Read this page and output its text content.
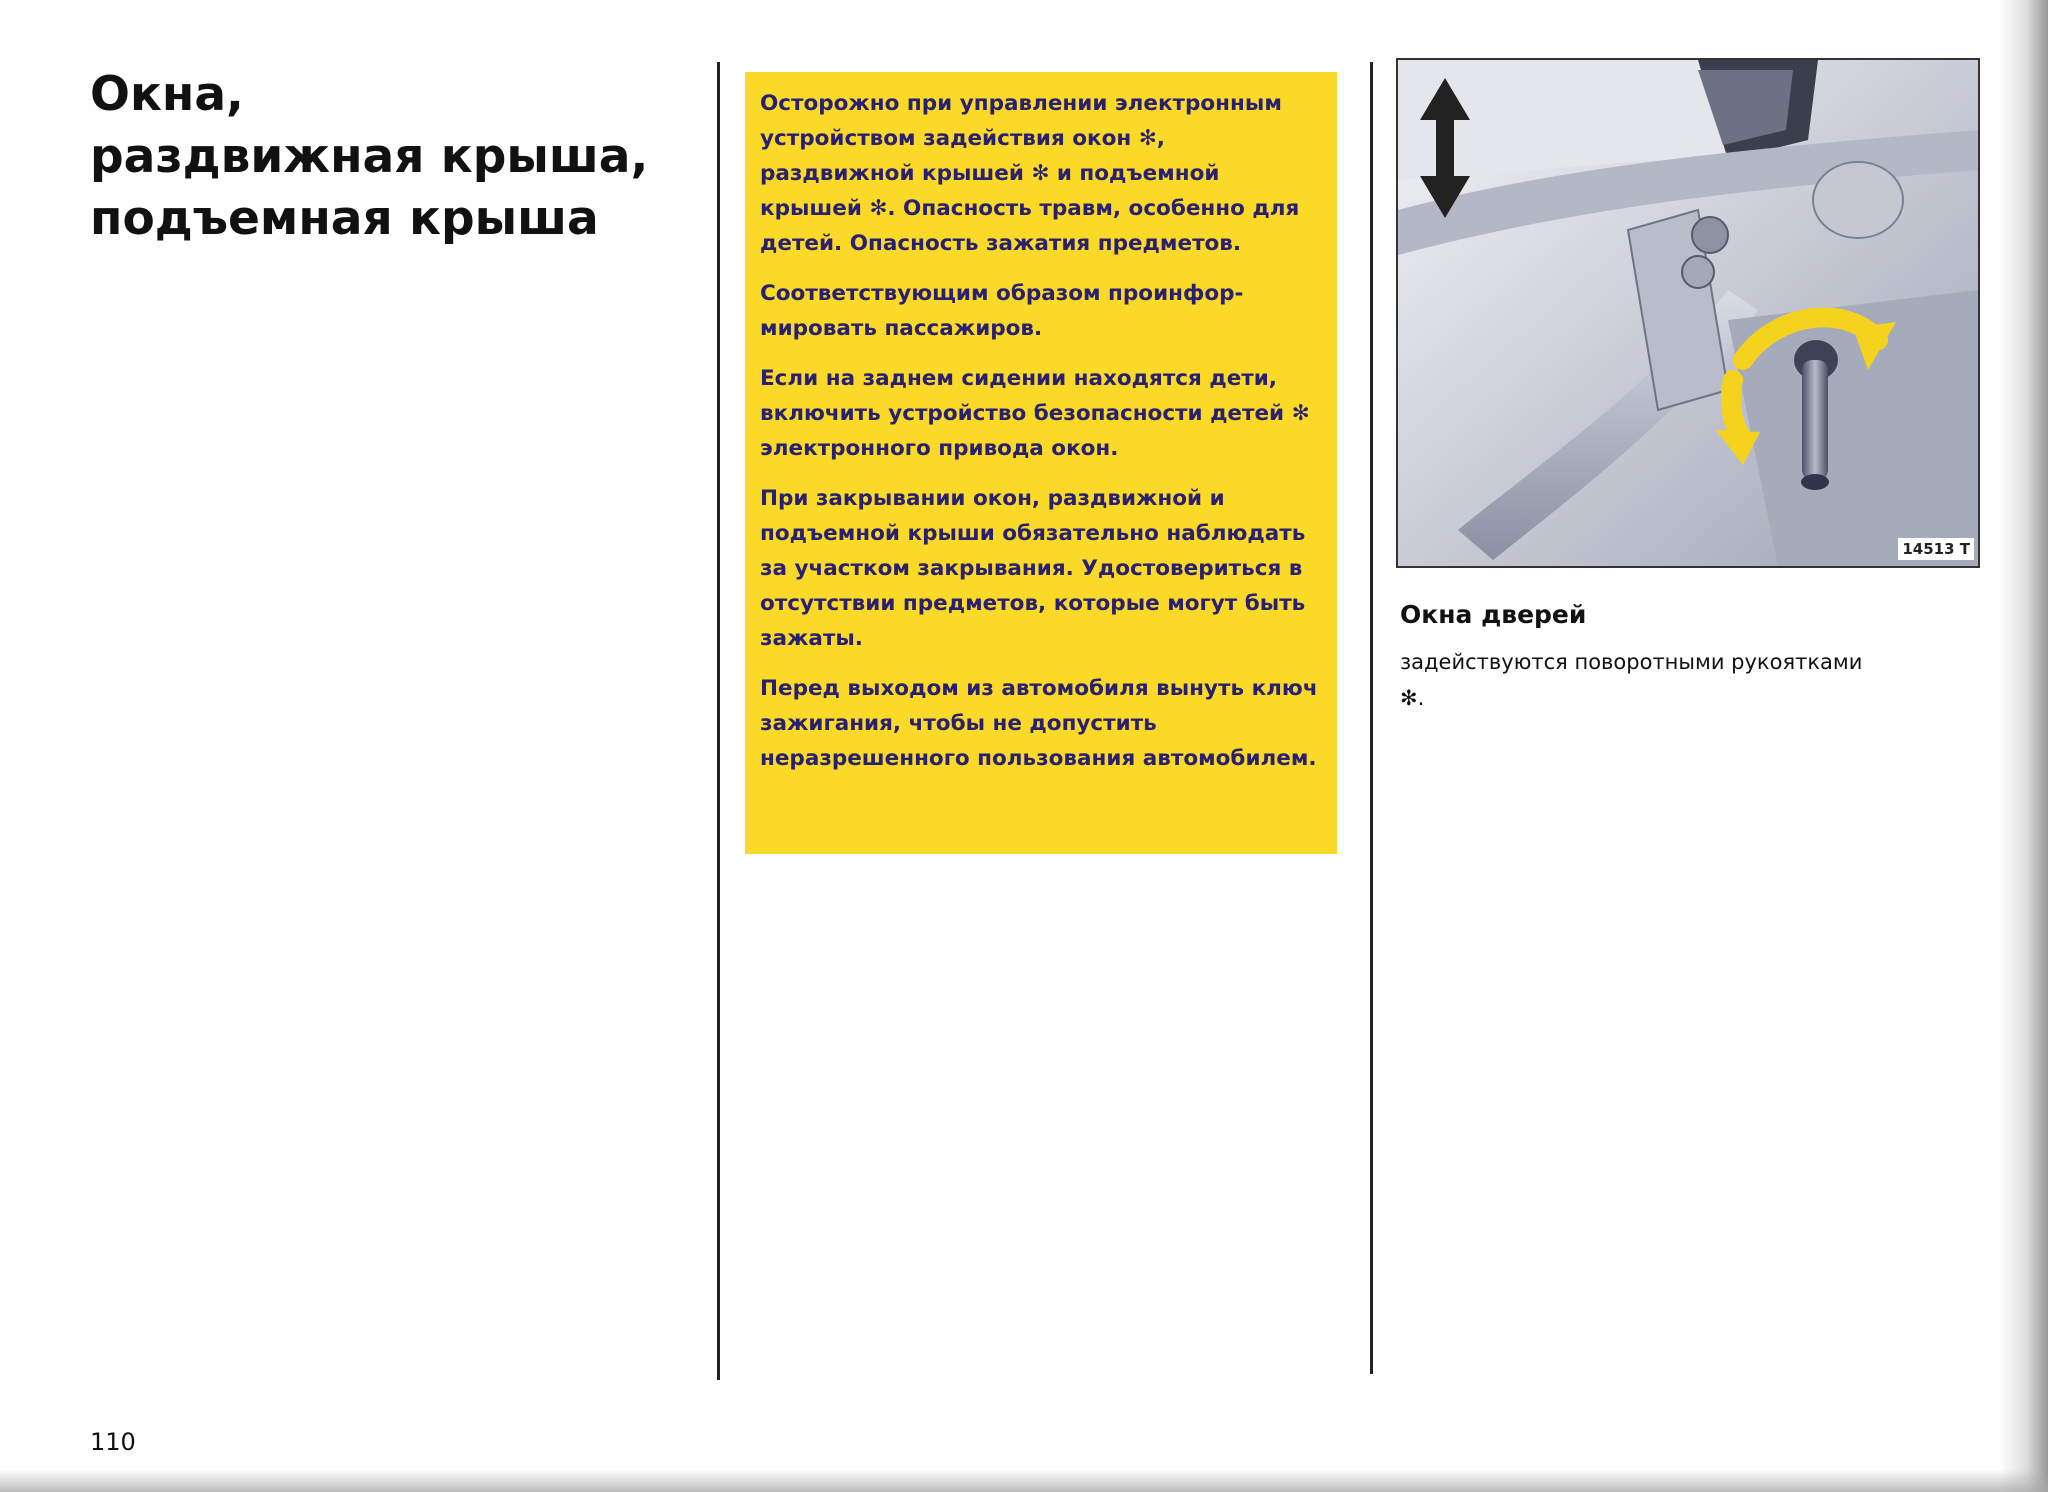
Окна,
раздвижная крыша,
подъемная крыша

Осторожно при управлении электронным устройством задействия окон ✻, раздвижной крышей ✻ и подъемной крышей ✻. Опасность травм, особенно для детей. Опасность зажатия предметов.

Соответствующим образом проинформировать пассажиров.

Если на заднем сидении находятся дети, включить устройство безопасности детей ✻ электронного привода окон.

При закрывании окон, раздвижной и подъемной крыши обязательно наблюдать за участком закрывания. Удостовериться в отсутствии предметов, которые могут быть зажаты.

Перед выходом из автомобиля вынуть ключ зажигания, чтобы не допустить неразрешенного пользования автомобилем.

14513 T
Окна дверей
задействуются поворотными рукоятками ✻.
110
